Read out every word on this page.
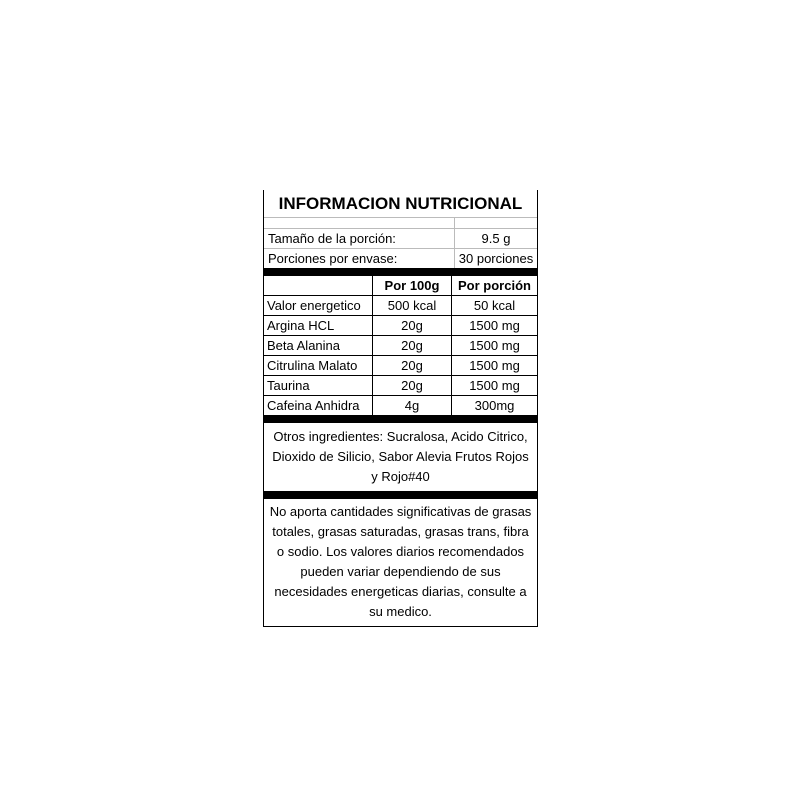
INFORMACION NUTRICIONAL
Tamaño de la porción:	9.5 g
Porciones por envase:	30 porciones
	Por 100g	Por porción
Valor energetico	500 kcal	50 kcal
Argina HCL	20g	1500 mg
Beta Alanina	20g	1500 mg
Citrulina Malato	20g	1500 mg
Taurina	20g	1500 mg
Cafeina Anhidra	4g	300mg
Otros ingredientes: Sucralosa, Acido Citrico, Dioxido de Silicio, Sabor Alevia Frutos Rojos y Rojo#40
No aporta cantidades significativas de grasas totales, grasas saturadas, grasas trans, fibra o sodio. Los valores diarios recomendados pueden variar dependiendo de sus necesidades energeticas diarias, consulte a su medico.
